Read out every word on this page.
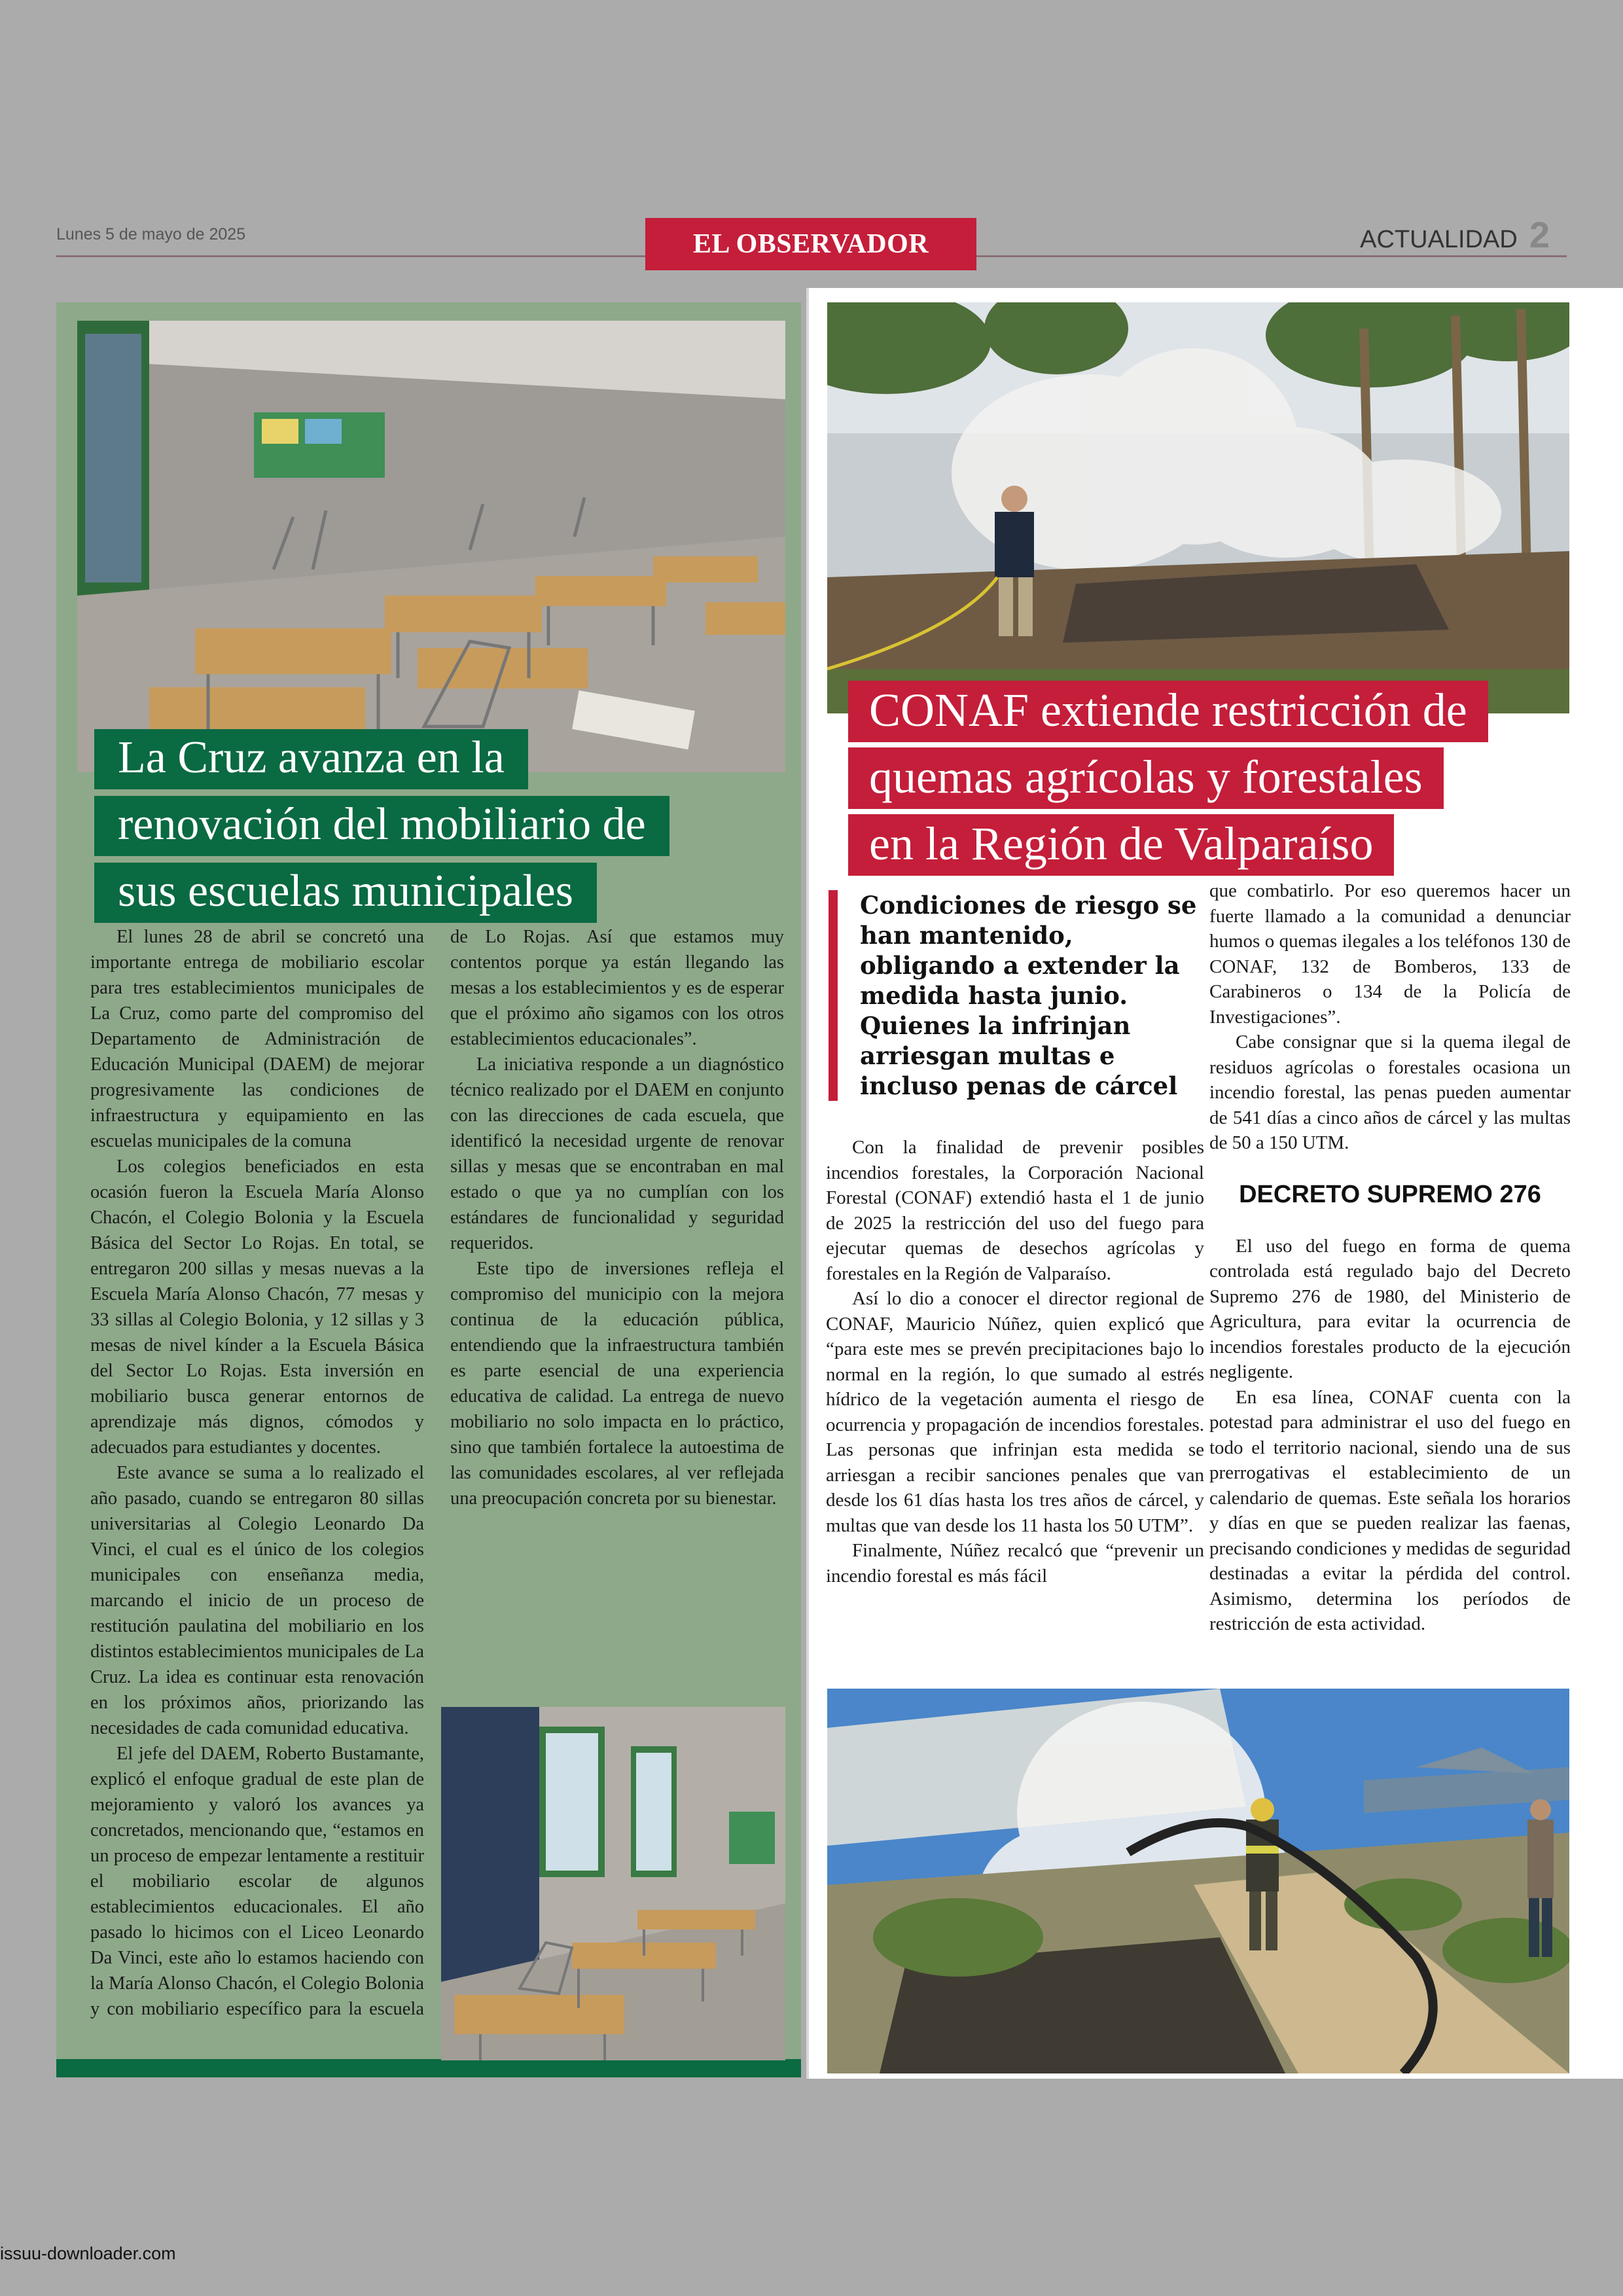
Lunes 5 de mayo de 2025	EL OBSERVADOR	ACTUALIDAD 2
La Cruz avanza en la
renovación del mobiliario de
sus escuelas municipales

El lunes 28 de abril se concretó una importante entrega de mobiliario escolar para tres establecimientos municipales de La Cruz, como parte del compromiso del Departamento de Administración de Educación Municipal (DAEM) de mejorar progresivamente las condiciones de infraestructura y equipamiento en las escuelas municipales de la comuna

Los colegios beneficiados en esta ocasión fueron la Escuela María Alonso Chacón, el Colegio Bolonia y la Escuela Básica del Sector Lo Rojas. En total, se entregaron 200 sillas y mesas nuevas a la Escuela María Alonso Chacón, 77 mesas y 33 sillas al Colegio Bolonia, y 12 sillas y 3 mesas de nivel kínder a la Escuela Básica del Sector Lo Rojas. Esta inversión en mobiliario busca generar entornos de aprendizaje más dignos, cómodos y adecuados para estudiantes y docentes.

Este avance se suma a lo realizado el año pasado, cuando se entregaron 80 sillas universitarias al Colegio Leonardo Da Vinci, el cual es el único de los colegios municipales con enseñanza media, marcando el inicio de un proceso de restitución paulatina del mobiliario en los distintos establecimientos municipales de La Cruz. La idea es continuar esta renovación en los próximos años, priorizando las necesidades de cada comunidad educativa.

El jefe del DAEM, Roberto Bustamante, explicó el enfoque gradual de este plan de mejoramiento y valoró los avances ya concretados, mencionando que, “estamos en un proceso de empezar lentamente a restituir el mobiliario escolar de algunos establecimientos educacionales. El año pasado lo hicimos con el Liceo Leonardo Da Vinci, este año lo estamos haciendo con la María Alonso Chacón, el Colegio Bolonia y con mobiliario específico para la escuela de Lo Rojas. Así que estamos muy contentos porque ya están llegando las mesas a los establecimientos y es de esperar que el próximo año sigamos con los otros establecimientos educacionales”.

La iniciativa responde a un diagnóstico técnico realizado por el DAEM en conjunto con las direcciones de cada escuela, que identificó la necesidad urgente de renovar sillas y mesas que se encontraban en mal estado o que ya no cumplían con los estándares de funcionalidad y seguridad requeridos.

Este tipo de inversiones refleja el compromiso del municipio con la mejora continua de la educación pública, entendiendo que la infraestructura también es parte esencial de una experiencia educativa de calidad. La entrega de nuevo mobiliario no solo impacta en lo práctico, sino que también fortalece la autoestima de las comunidades escolares, al ver reflejada una preocupación concreta por su bienestar.

CONAF extiende restricción de
quemas agrícolas y forestales
en la Región de Valparaíso
Condiciones de riesgo se han mantenido, obligando a extender la medida hasta junio. Quienes la infrinjan arriesgan multas e incluso penas de cárcel

Con la finalidad de prevenir posibles incendios forestales, la Corporación Nacional Forestal (CONAF) extendió hasta el 1 de junio de 2025 la restricción del uso del fuego para ejecutar quemas de desechos agrícolas y forestales en la Región de Valparaíso.

Así lo dio a conocer el director regional de CONAF, Mauricio Núñez, quien explicó que “para este mes se prevén precipitaciones bajo lo normal en la región, lo que sumado al estrés hídrico de la vegetación aumenta el riesgo de ocurrencia y propagación de incendios forestales. Las personas que infrinjan esta medida se arriesgan a recibir sanciones penales que van desde los 61 días hasta los tres años de cárcel, y multas que van desde los 11 hasta los 50 UTM”.

Finalmente, Núñez recalcó que “prevenir un incendio forestal es más fácil

que combatirlo. Por eso queremos hacer un fuerte llamado a la comunidad a denunciar humos o quemas ilegales a los teléfonos 130 de CONAF, 132 de Bomberos, 133 de Carabineros o 134 de la Policía de Investigaciones”.

Cabe consignar que si la quema ilegal de residuos agrícolas o forestales ocasiona un incendio forestal, las penas pueden aumentar de 541 días a cinco años de cárcel y las multas de 50 a 150 UTM.

DECRETO SUPREMO 276

El uso del fuego en forma de quema controlada está regulado bajo del Decreto Supremo 276 de 1980, del Ministerio de Agricultura, para evitar la ocurrencia de incendios forestales producto de la ejecución negligente.

En esa línea, CONAF cuenta con la potestad para administrar el uso del fuego en todo el territorio nacional, siendo una de sus prerrogativas el establecimiento de un calendario de quemas. Este señala los horarios y días en que se pueden realizar las faenas, precisando condiciones y medidas de seguridad destinadas a evitar la pérdida del control. Asimismo, determina los períodos de restricción de esta actividad.

issuu-downloader.com
